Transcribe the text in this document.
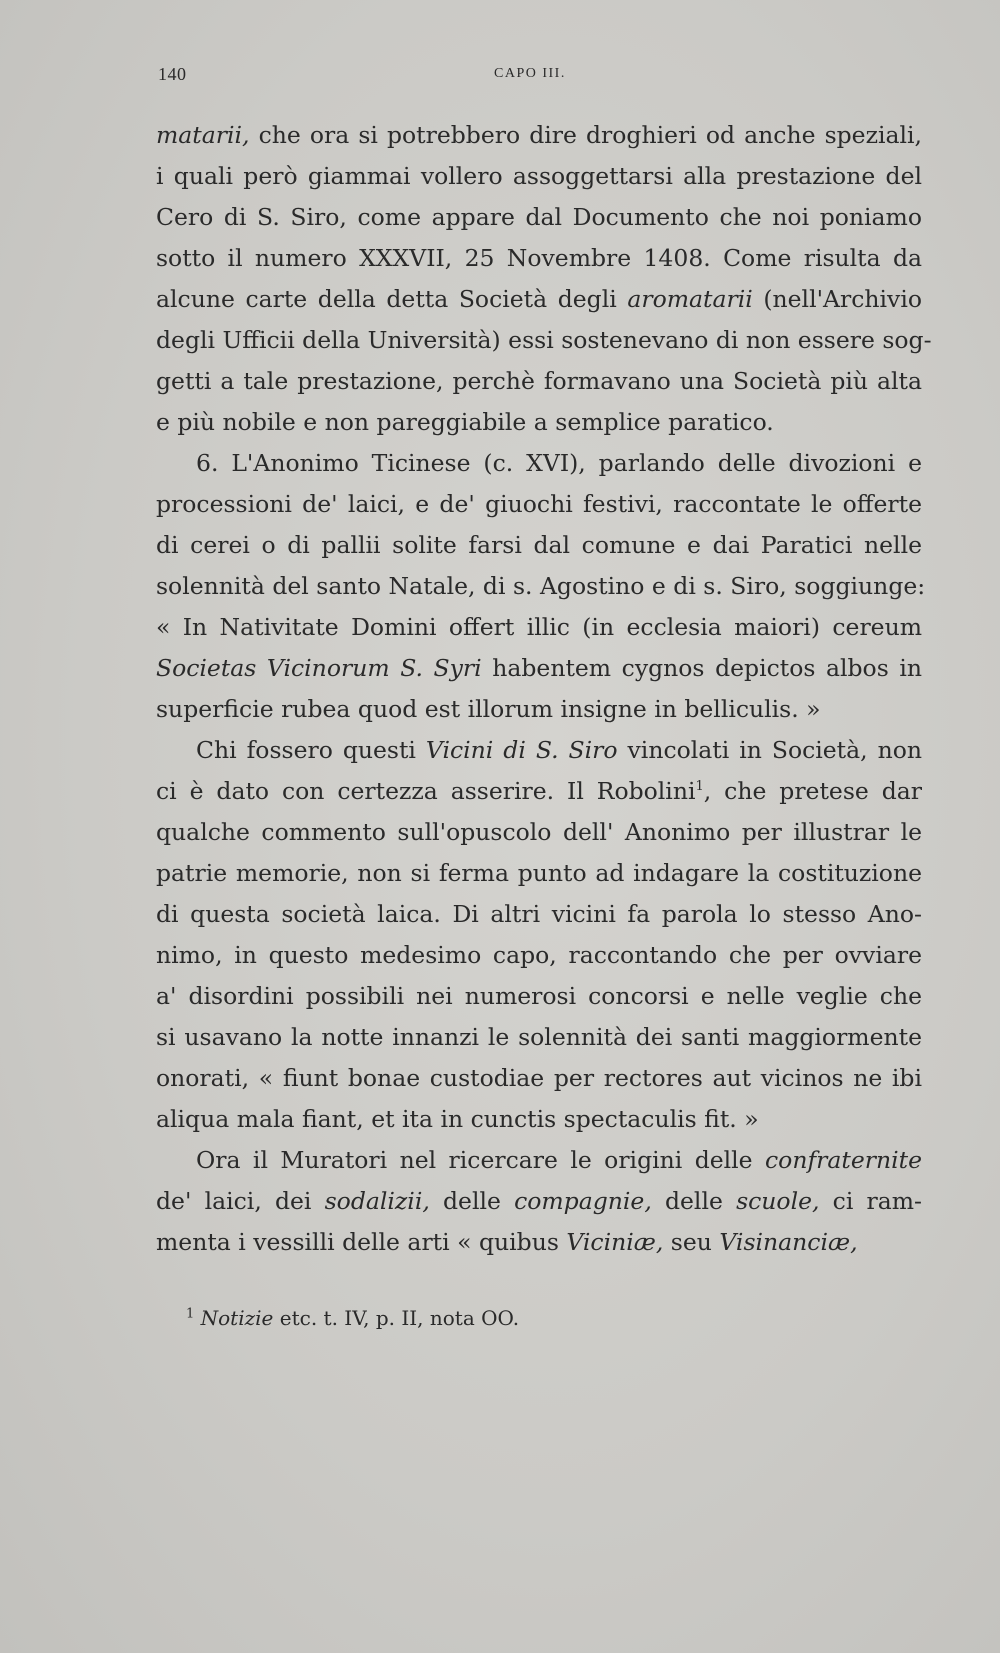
140	CAPO III.
matarii, che ora si potrebbero dire droghieri od anche speziali,
i quali però giammai vollero assoggettarsi alla prestazione del
Cero di S. Siro, come appare dal Documento che noi poniamo
sotto il numero XXXVII, 25 Novembre 1408. Come risulta da
alcune carte della detta Società degli aromatarii (nell'Archivio
degli Ufficii della Università) essi sostenevano di non essere sog-
getti a tale prestazione, perchè formavano una Società più alta
e più nobile e non pareggiabile a semplice paratico.
6. L'Anonimo Ticinese (c. XVI), parlando delle divozioni e
processioni de' laici, e de' giuochi festivi, raccontate le offerte
di cerei o di pallii solite farsi dal comune e dai Paratici nelle
solennità del santo Natale, di s. Agostino e di s. Siro, soggiunge:
« In Nativitate Domini offert illic (in ecclesia maiori) cereum
Societas Vicinorum S. Syri habentem cygnos depictos albos in
superficie rubea quod est illorum insigne in belliculis. »
Chi fossero questi Vicini di S. Siro vincolati in Società, non
ci è dato con certezza asserire. Il Robolini$^1$, che pretese dar
qualche commento sull'opuscolo dell' Anonimo per illustrar le
patrie memorie, non si ferma punto ad indagare la costituzione
di questa società laica. Di altri vicini fa parola lo stesso Ano-
nimo, in questo medesimo capo, raccontando che per ovviare
a' disordini possibili nei numerosi concorsi e nelle veglie che
si usavano la notte innanzi le solennità dei santi maggiormente
onorati, « fiunt bonae custodiae per rectores aut vicinos ne ibi
aliqua mala fiant, et ita in cunctis spectaculis fit. »
Ora il Muratori nel ricercare le origini delle confraternite
de' laici, dei sodalizii, delle compagnie, delle scuole, ci ram-
menta i vessilli delle arti « quibus Viciniæ, seu Visinanciæ,
$^1$ Notizie etc. t. IV, p. II, nota OO.
